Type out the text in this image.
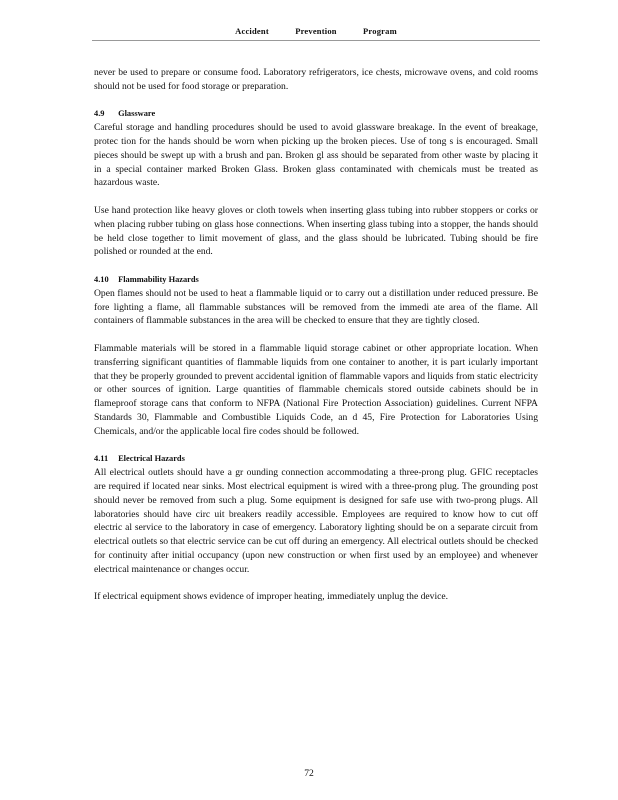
Accident	Prevention	Program

never be used to prepare or consume food. Laboratory refrigerators, ice chests, microwave ovens, and cold rooms should not be used for food storage or preparation.

4.9 Glassware

Careful storage and handling procedures should be used to avoid glassware breakage. In the event of breakage, protec tion for the hands should be worn when picking up the broken pieces. Use of tong s is encouraged. Small pieces should be swept up with a brush and pan. Broken gl ass should be separated from other waste by placing it in a special container marked Broken Glass. Broken glass contaminated with chemicals must be treated as hazardous waste.

Use hand protection like heavy gloves or cloth towels when inserting glass tubing into rubber stoppers or corks or when placing rubber tubing on glass hose connections. When inserting glass tubing into a stopper, the hands should be held close together to limit movement of glass, and the glass should be lubricated. Tubing should be fire polished or rounded at the end.

4.10 Flammability Hazards

Open flames should not be used to heat a flammable liquid or to carry out a distillation under reduced pressure. Be fore lighting a flame, all flammable substances will be removed from the immedi ate area of the flame. All containers of flammable substances in the area will be checked to ensure that they are tightly closed.

Flammable materials will be stored in a flammable liquid storage cabinet or other appropriate location. When transferring significant quantities of flammable liquids from one container to another, it is part icularly important that they be properly grounded to prevent accidental ignition of flammable vapors and liquids from static electricity or other sources of ignition. Large quantities of flammable chemicals stored outside cabinets should be in flameproof storage cans that conform to NFPA (National Fire Protection Association) guidelines. Current NFPA Standards 30, Flammable and Combustible Liquids Code, an d 45, Fire Protection for Laboratories Using Chemicals, and/or the applicable local fire codes should be followed.

4.11 Electrical Hazards

All electrical outlets should have a gr ounding connection accommodating a three-prong plug. GFIC receptacles are required if located near sinks. Most electrical equipment is wired with a three-prong plug. The grounding post should never be removed from such a plug. Some equipment is designed for safe use with two-prong plugs. All laboratories should have circ uit breakers readily accessible. Employees are required to know how to cut off electric al service to the laboratory in case of emergency. Laboratory lighting should be on a separate circuit from electrical outlets so that electric service can be cut off during an emergency. All electrical outlets should be checked for continuity after initial occupancy (upon new construction or when first used by an employee) and whenever electrical maintenance or changes occur.

If electrical equipment shows evidence of improper heating, immediately unplug the device.

72
